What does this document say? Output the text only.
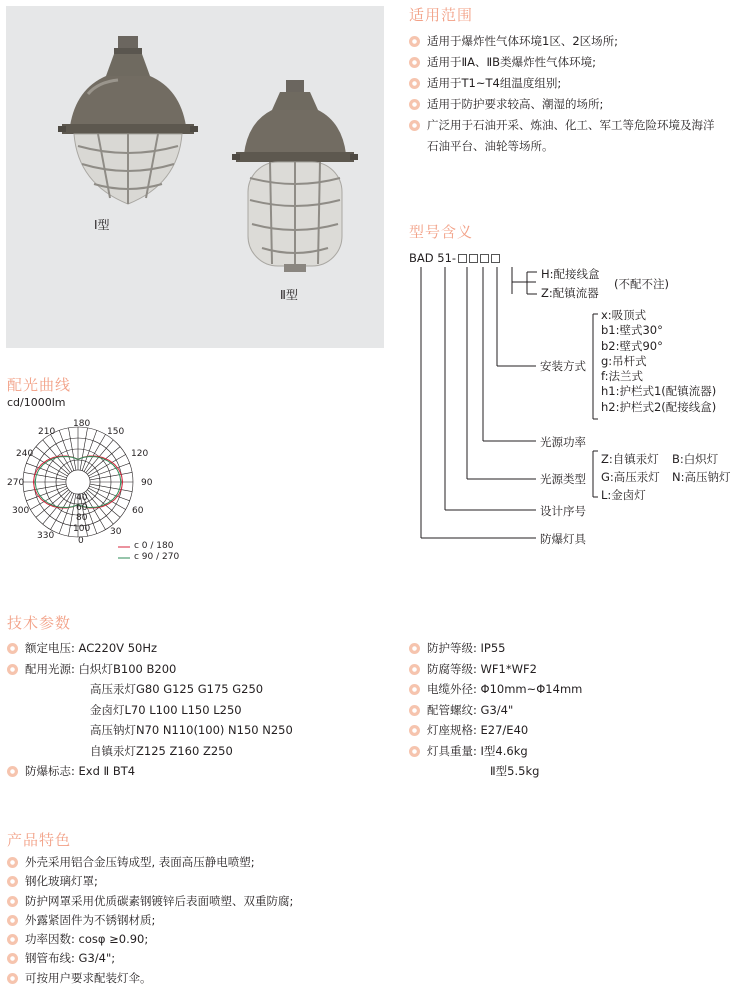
Ⅰ型
Ⅱ型
适用范围
适用于爆炸性气体环境1区、2区场所;
适用于ⅡA、ⅡB类爆炸性气体环境;
适用于T1~T4组温度组别;
适用于防护要求较高、潮湿的场所;
广泛用于石油开采、炼油、化工、军工等危险环境及海洋
石油平台、油轮等场所。
型号含义
BAD 51-
H:配接线盒
Z:配镇流器
(不配不注)
安装方式
x:吸顶式
b1:壁式30°
b2:壁式90°
g:吊杆式
f:法兰式
h1:护栏式1(配镇流器)
h2:护栏式2(配接线盒)
光源功率
光源类型
Z:自镇汞灯 B:白炽灯
G:高压汞灯 N:高压钠灯
L:金卤灯
设计序号
防爆灯具
配光曲线
cd/1000lm
180
150
120
90
60
0
30
330
300
270
240
210
40
60
80
100
c 0 / 180
c 90 / 270
技术参数
额定电压: AC220V 50Hz
配用光源: 白炽灯B100 B200
高压汞灯G80 G125 G175 G250
金卤灯L70 L100 L150 L250
高压钠灯N70 N110(100) N150 N250
自镇汞灯Z125 Z160 Z250
防爆标志: Exd Ⅱ BT4
防护等级: IP55
防腐等级: WF1*WF2
电缆外径: Φ10mm~Φ14mm
配管螺纹: G3/4"
灯座规格: E27/E40
灯具重量: Ⅰ型4.6kg
Ⅱ型5.5kg
产品特色
外壳采用铝合金压铸成型, 表面高压静电喷塑;
钢化玻璃灯罩;
防护网罩采用优质碳素钢镀锌后表面喷塑、双重防腐;
外露紧固件为不锈钢材质;
功率因数: cosφ ≥0.90;
钢管布线: G3/4";
可按用户要求配装灯伞。
